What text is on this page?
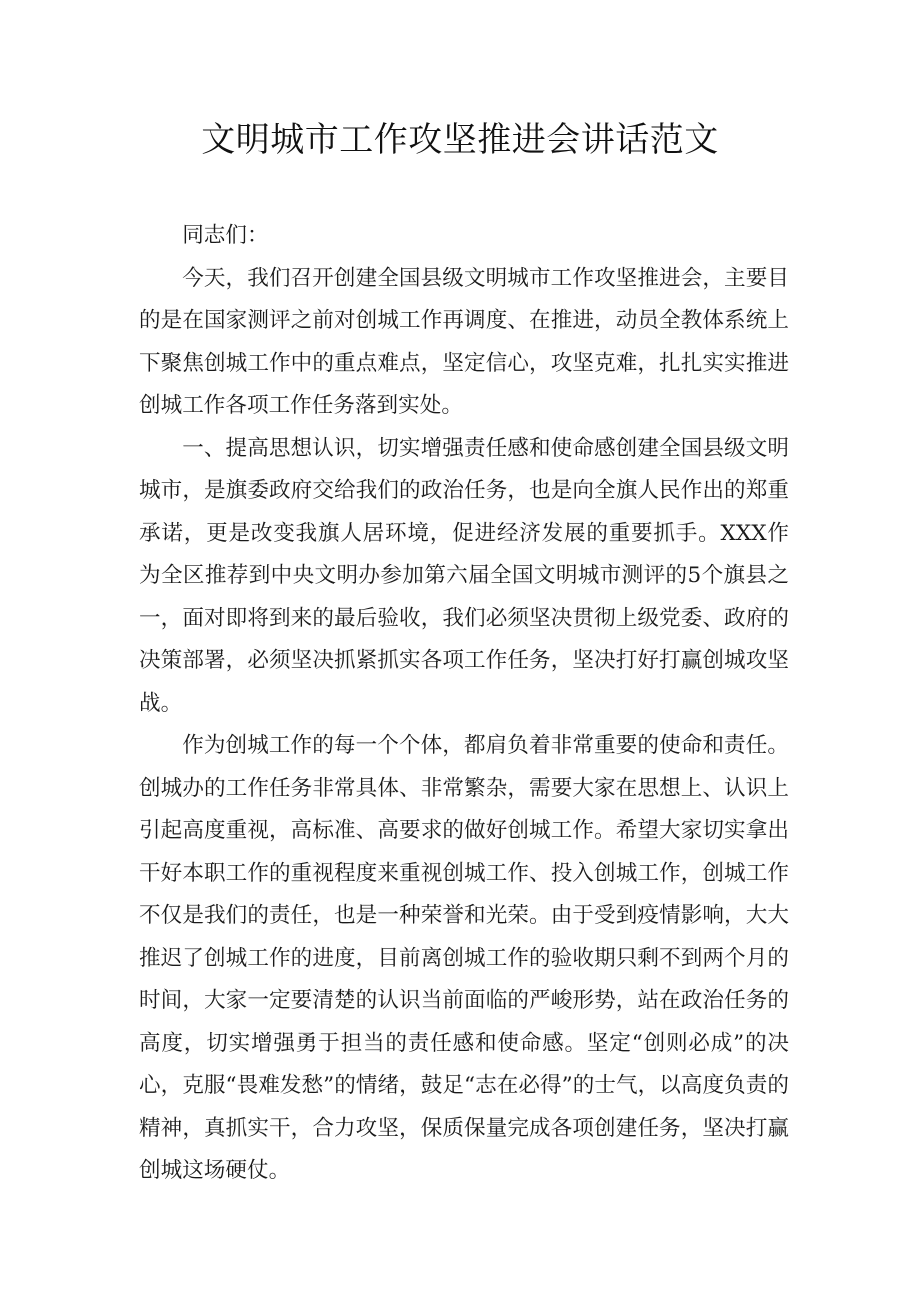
文明城市工作攻坚推进会讲话范文

同志们：

今天，我们召开创建全国县级文明城市工作攻坚推进会，主要目的是在国家测评之前对创城工作再调度、在推进，动员全教体系统上下聚焦创城工作中的重点难点，坚定信心，攻坚克难，扎扎实实推进创城工作各项工作任务落到实处。

一、提高思想认识，切实增强责任感和使命感创建全国县级文明城市，是旗委政府交给我们的政治任务，也是向全旗人民作出的郑重承诺，更是改变我旗人居环境，促进经济发展的重要抓手。XXX作为全区推荐到中央文明办参加第六届全国文明城市测评的5个旗县之一，面对即将到来的最后验收，我们必须坚决贯彻上级党委、政府的决策部署，必须坚决抓紧抓实各项工作任务，坚决打好打赢创城攻坚战。

作为创城工作的每一个个体，都肩负着非常重要的使命和责任。创城办的工作任务非常具体、非常繁杂，需要大家在思想上、认识上引起高度重视，高标准、高要求的做好创城工作。希望大家切实拿出干好本职工作的重视程度来重视创城工作、投入创城工作，创城工作不仅是我们的责任，也是一种荣誉和光荣。由于受到疫情影响，大大推迟了创城工作的进度，目前离创城工作的验收期只剩不到两个月的时间，大家一定要清楚的认识当前面临的严峻形势，站在政治任务的高度，切实增强勇于担当的责任感和使命感。坚定“创则必成”的决心，克服“畏难发愁”的情绪，鼓足“志在必得”的士气，以高度负责的精神，真抓实干，合力攻坚，保质保量完成各项创建任务，坚决打赢创城这场硬仗。
